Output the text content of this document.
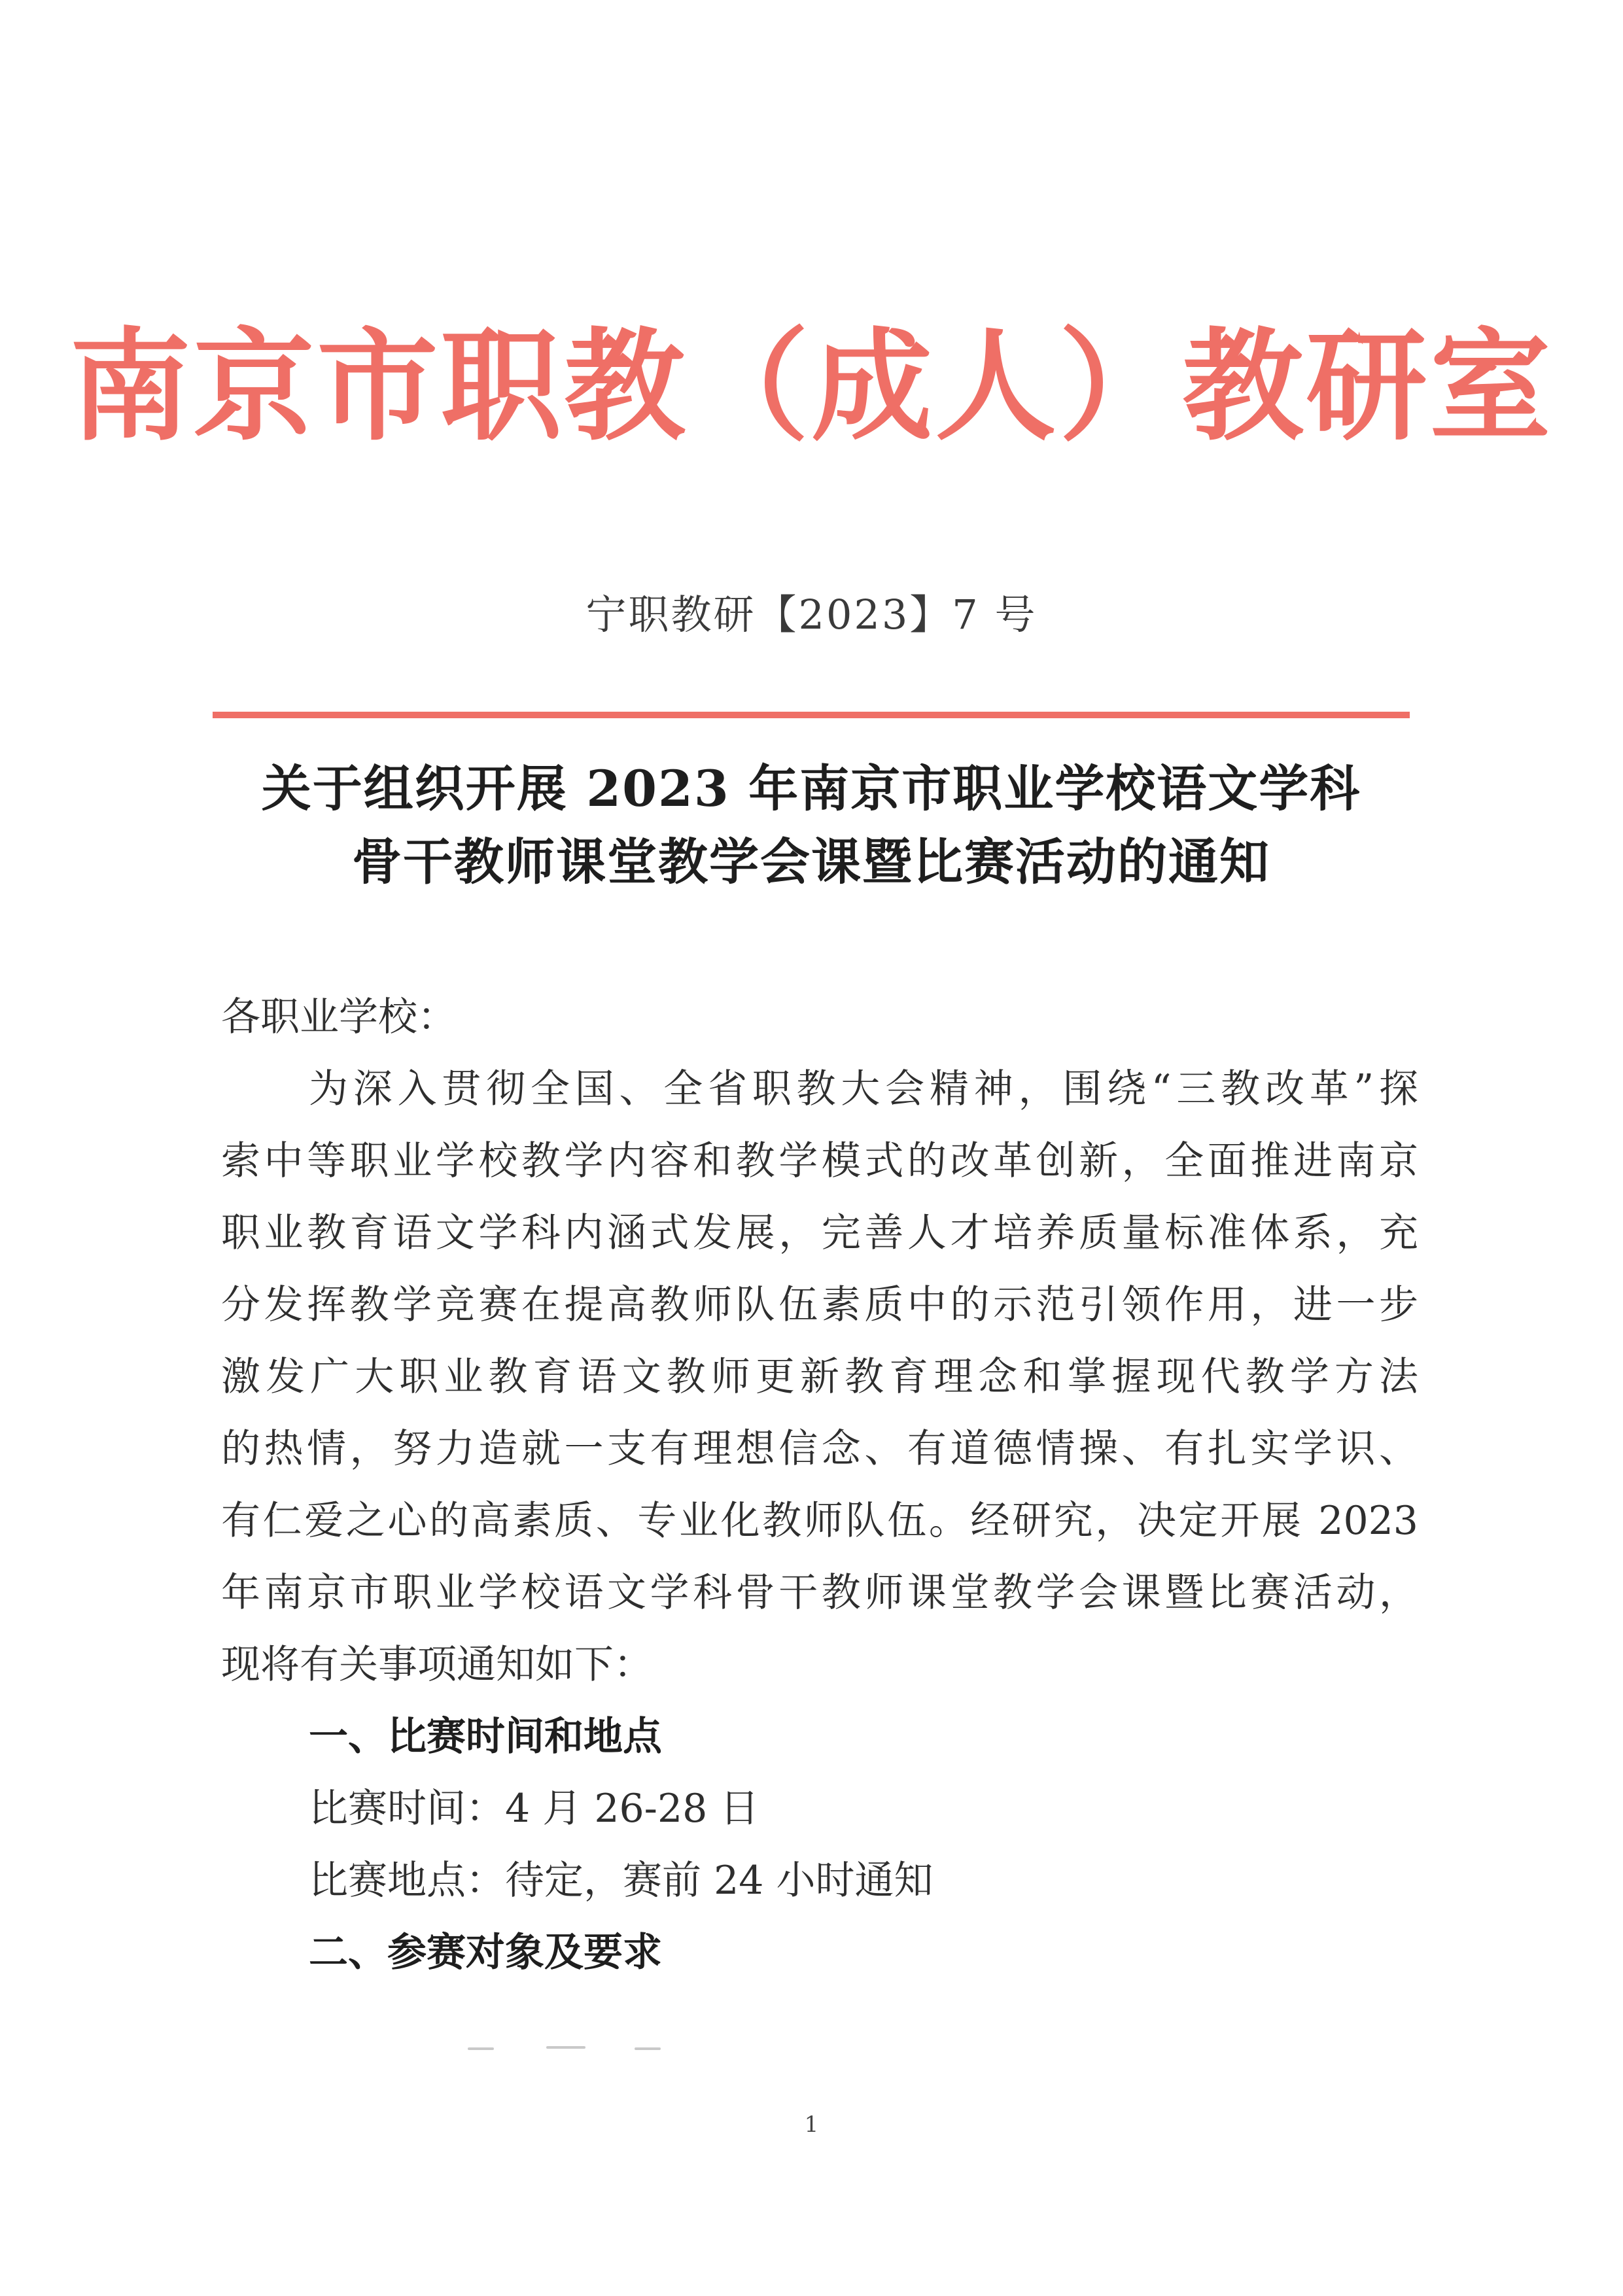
南京市职教（成人）教研室
宁职教研【2023】7 号
关于组织开展 2023 年南京市职业学校语文学科
骨干教师课堂教学会课暨比赛活动的通知
各职业学校：
为深入贯彻全国、全省职教大会精神，围绕“三教改革”探
索中等职业学校教学内容和教学模式的改革创新，全面推进南京
职业教育语文学科内涵式发展，完善人才培养质量标准体系，充
分发挥教学竞赛在提高教师队伍素质中的示范引领作用，进一步
激发广大职业教育语文教师更新教育理念和掌握现代教学方法
的热情，努力造就一支有理想信念、有道德情操、有扎实学识、
有仁爱之心的高素质、专业化教师队伍。经研究，决定开展 2023
年南京市职业学校语文学科骨干教师课堂教学会课暨比赛活动，
现将有关事项通知如下：
一、比赛时间和地点
比赛时间：4 月 26-28 日
比赛地点：待定，赛前 24 小时通知
二、参赛对象及要求
1
